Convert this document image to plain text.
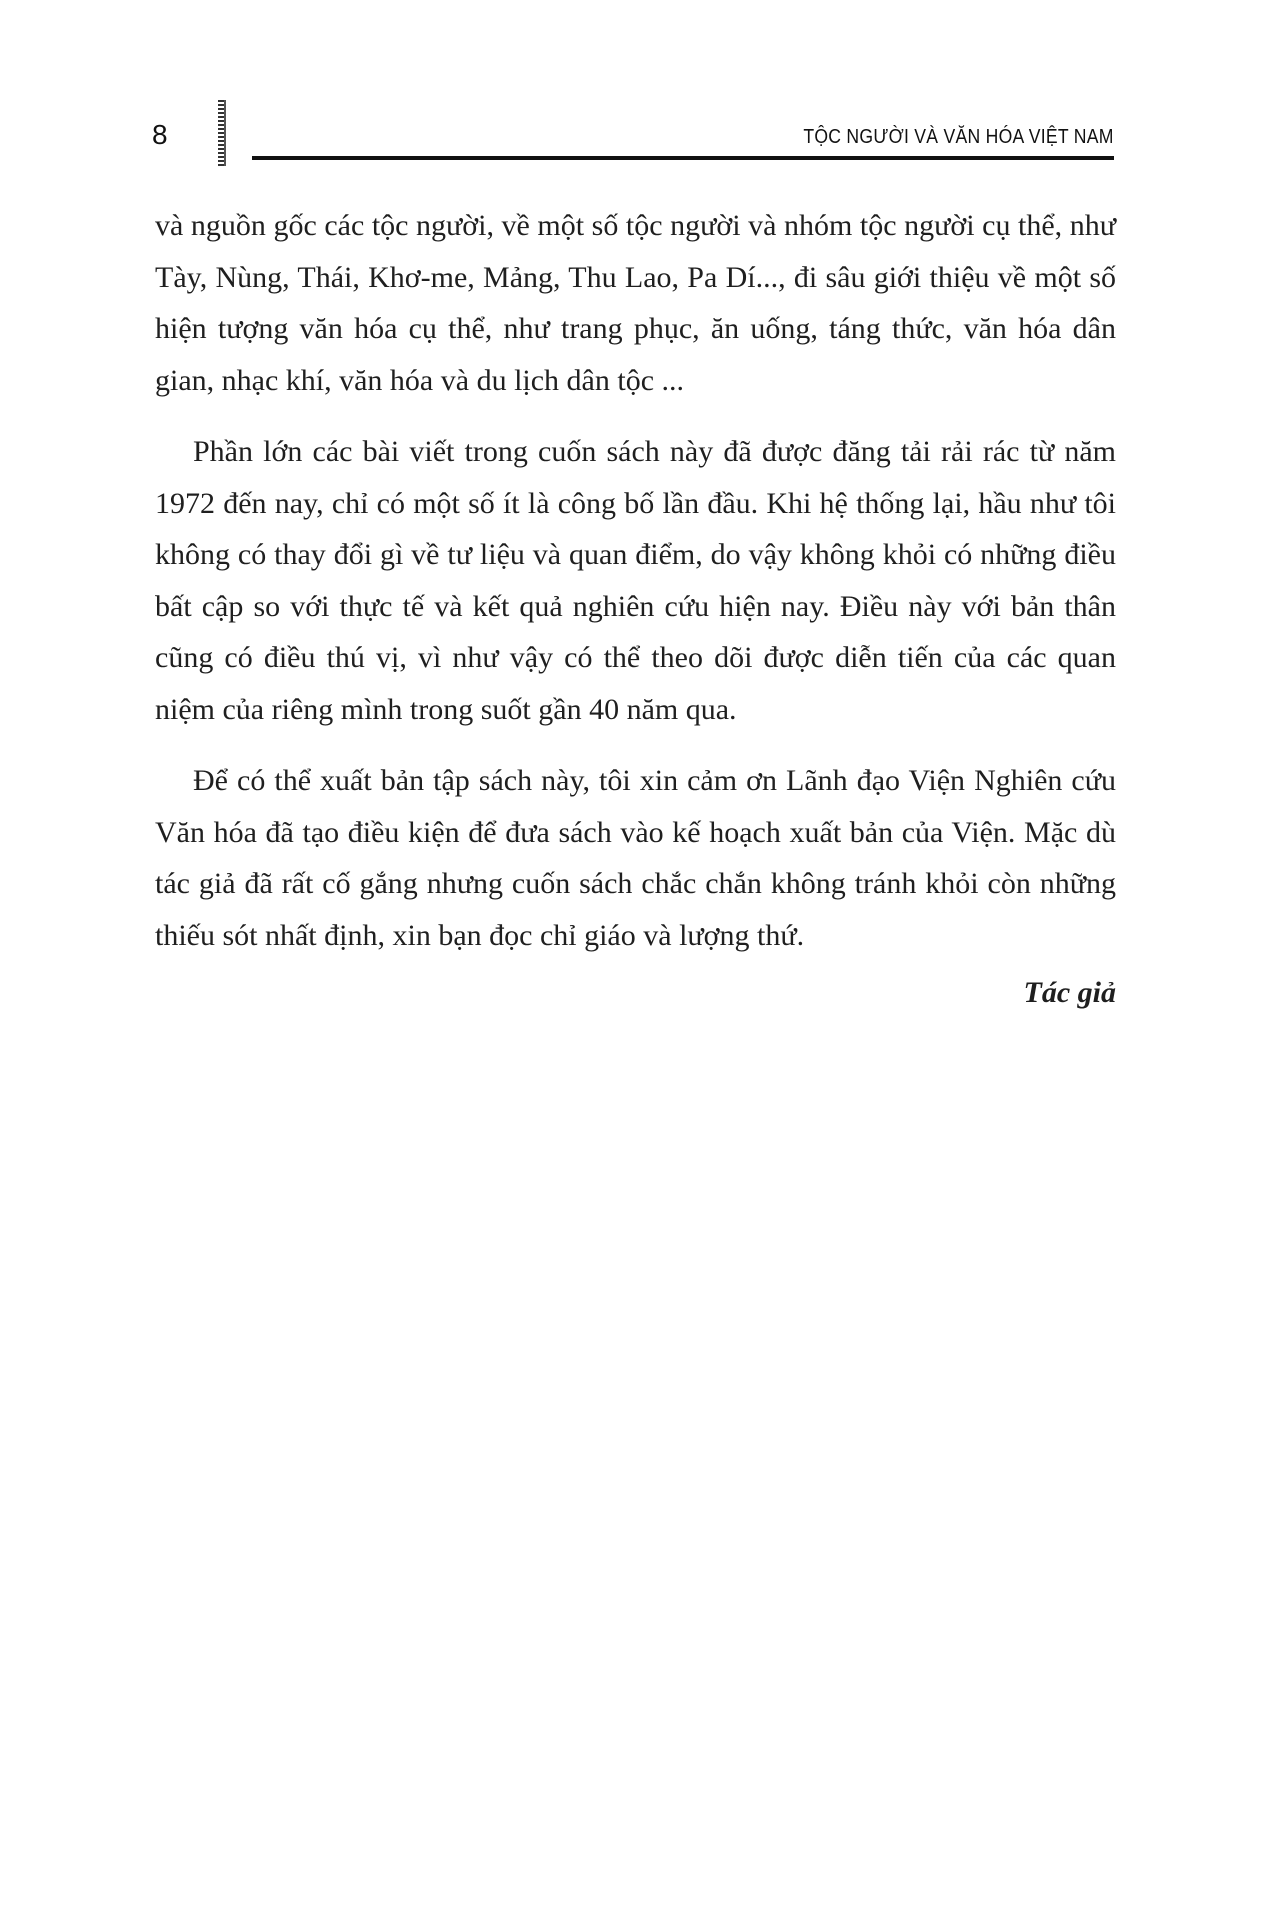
8	TỘC NGƯỜI VÀ VĂN HÓA VIỆT NAM

và nguồn gốc các tộc người, về một số tộc người và nhóm tộc người cụ thể, như Tày, Nùng, Thái, Khơ-me, Mảng, Thu Lao, Pa Dí..., đi sâu giới thiệu về một số hiện tượng văn hóa cụ thể, như trang phục, ăn uống, táng thức, văn hóa dân gian, nhạc khí, văn hóa và du lịch dân tộc ...

Phần lớn các bài viết trong cuốn sách này đã được đăng tải rải rác từ năm 1972 đến nay, chỉ có một số ít là công bố lần đầu. Khi hệ thống lại, hầu như tôi không có thay đổi gì về tư liệu và quan điểm, do vậy không khỏi có những điều bất cập so với thực tế và kết quả nghiên cứu hiện nay. Điều này với bản thân cũng có điều thú vị, vì như vậy có thể theo dõi được diễn tiến của các quan niệm của riêng mình trong suốt gần 40 năm qua.

Để có thể xuất bản tập sách này, tôi xin cảm ơn Lãnh đạo Viện Nghiên cứu Văn hóa đã tạo điều kiện để đưa sách vào kế hoạch xuất bản của Viện. Mặc dù tác giả đã rất cố gắng nhưng cuốn sách chắc chắn không tránh khỏi còn những thiếu sót nhất định, xin bạn đọc chỉ giáo và lượng thứ.

Tác giả
